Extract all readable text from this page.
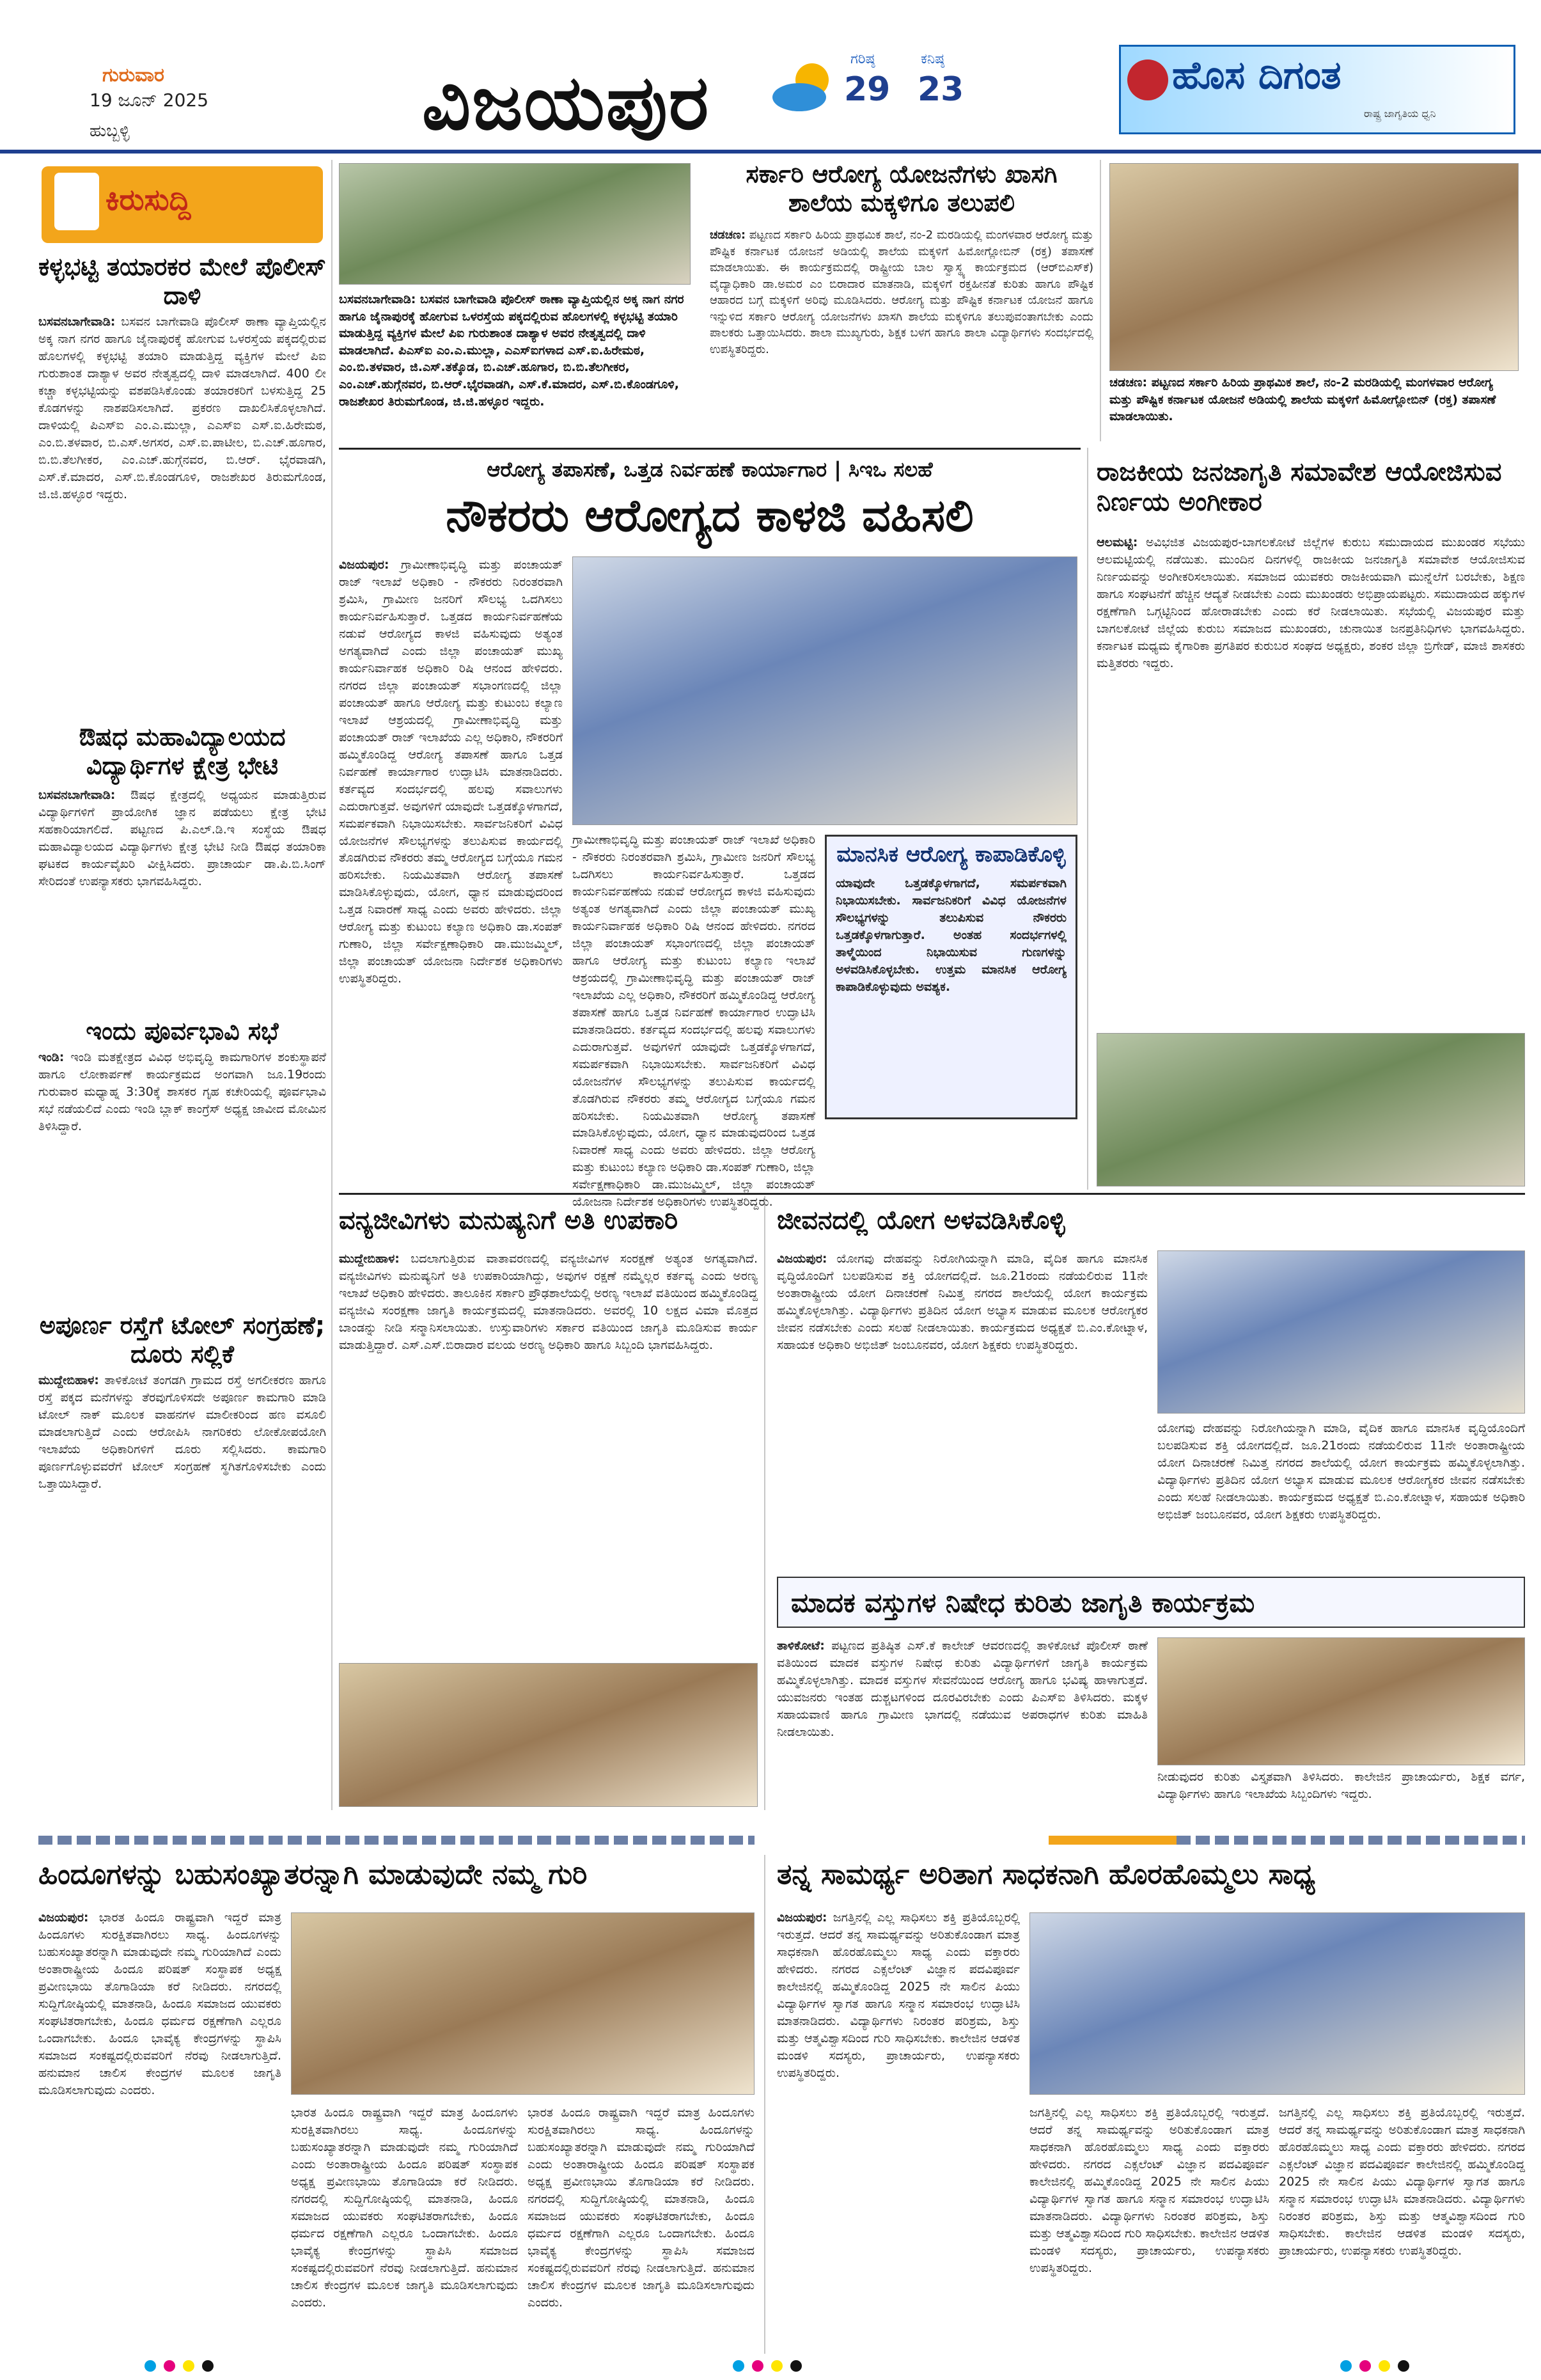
ಗುರುವಾರ
19 ಜೂನ್ 2025
ಹುಬ್ಬಳ್ಳಿ	ವಿಜಯಪುರ	ಗರಿಷ್ಠ
29
ಕನಿಷ್ಠ
23	ಹೊಸ ದಿಗಂತ
ರಾಷ್ಟ್ರ ಜಾಗೃತಿಯ ಧ್ವನಿ
ಕಿರುಸುದ್ದಿ
ಕಳ್ಳಭಟ್ಟಿ ತಯಾರಕರ ಮೇಲೆ ಪೊಲೀಸ್ ದಾಳಿ
ಬಸವನಬಾಗೇವಾಡಿ: ಬಸವನ ಬಾಗೇವಾಡಿ ಪೊಲೀಸ್ ಠಾಣಾ ವ್ಯಾಪ್ತಿಯಲ್ಲಿನ ಅಕ್ಕ ನಾಗ ನಗರ ಹಾಗೂ ಜೈನಾಪುರಕ್ಕೆ ಹೋಗುವ ಒಳರಸ್ತೆಯ ಪಕ್ಕದಲ್ಲಿರುವ ಹೊಲಗಳಲ್ಲಿ ಕಳ್ಳಭಟ್ಟಿ ತಯಾರಿ ಮಾಡುತ್ತಿದ್ದ ವ್ಯಕ್ತಿಗಳ ಮೇಲೆ ಪಿಐ ಗುರುಶಾಂತ ದಾಶ್ಯಾಳ ಅವರ ನೇತೃತ್ವದಲ್ಲಿ ದಾಳಿ ಮಾಡಲಾಗಿದೆ. 400 ಲೀ ಕಚ್ಚಾ ಕಳ್ಳಭಟ್ಟಿಯನ್ನು ವಶಪಡಿಸಿಕೊಂಡು ತಯಾರಕರಿಗೆ ಬಳಸುತ್ತಿದ್ದ 25 ಕೊಡಗಳನ್ನು ನಾಶಪಡಿಸಲಾಗಿದೆ. ಪ್ರಕರಣ ದಾಖಲಿಸಿಕೊಳ್ಳಲಾಗಿದೆ. ದಾಳಿಯಲ್ಲಿ ಪಿಎಸ್‌ಐ ಎಂ.ಎ.ಮುಲ್ಲಾ, ಎಎಸ್‌ಐ ಎಸ್.ಐ.ಹಿರೇಮಠ, ಎಂ.ಬಿ.ತಳವಾರ, ಬಿ.ಎಸ್.ಅಗಸರ, ಎಸ್.ಐ.ಪಾಟೀಲ, ಬಿ.ಎಚ್.ಹೂಗಾರ, ಬಿ.ಬಿ.ತೆಲಗೀಕರ, ಎಂ.ಎಚ್.ಹುಗ್ಗೆನವರ, ಬಿ.ಆರ್. ಭೈರವಾಡಗಿ, ಎಸ್.ಕೆ.ಮಾದರ, ಎಸ್.ಬಿ.ಕೊಂಡಗೂಳಿ, ರಾಜಶೇಖರ ತಿರುಮಗೊಂಡ, ಜಿ.ಜಿ.ಹಳ್ಳೂರ ಇದ್ದರು.
ಔಷಧ ಮಹಾವಿದ್ಯಾಲಯದ ವಿದ್ಯಾರ್ಥಿಗಳ ಕ್ಷೇತ್ರ ಭೇಟಿ
ಬಸವನಬಾಗೇವಾಡಿ: ಔಷಧ ಕ್ಷೇತ್ರದಲ್ಲಿ ಅಧ್ಯಯನ ಮಾಡುತ್ತಿರುವ ವಿದ್ಯಾರ್ಥಿಗಳಿಗೆ ಪ್ರಾಯೋಗಿಕ ಜ್ಞಾನ ಪಡೆಯಲು ಕ್ಷೇತ್ರ ಭೇಟಿ ಸಹಕಾರಿಯಾಗಲಿದೆ. ಪಟ್ಟಣದ ಪಿ.ಎಲ್.ಡಿ.ಇ ಸಂಸ್ಥೆಯ ಔಷಧ ಮಹಾವಿದ್ಯಾಲಯದ ವಿದ್ಯಾರ್ಥಿಗಳು ಕ್ಷೇತ್ರ ಭೇಟಿ ನೀಡಿ ಔಷಧ ತಯಾರಿಕಾ ಘಟಕದ ಕಾರ್ಯವೈಖರಿ ವೀಕ್ಷಿಸಿದರು. ಪ್ರಾಚಾರ್ಯ ಡಾ.ಪಿ.ಬಿ.ಸಿಂಗ್ ಸೇರಿದಂತೆ ಉಪನ್ಯಾಸಕರು ಭಾಗವಹಿಸಿದ್ದರು.
ಇಂದು ಪೂರ್ವಭಾವಿ ಸಭೆ
ಇಂಡಿ: ಇಂಡಿ ಮತಕ್ಷೇತ್ರದ ವಿವಿಧ ಅಭಿವೃದ್ಧಿ ಕಾಮಗಾರಿಗಳ ಶಂಕುಸ್ಥಾಪನೆ ಹಾಗೂ ಲೋಕಾರ್ಪಣೆ ಕಾರ್ಯಕ್ರಮದ ಅಂಗವಾಗಿ ಜೂ.19ರಂದು ಗುರುವಾರ ಮಧ್ಯಾಹ್ನ 3:30ಕ್ಕೆ ಶಾಸಕರ ಗೃಹ ಕಚೇರಿಯಲ್ಲಿ ಪೂರ್ವಭಾವಿ ಸಭೆ ನಡೆಯಲಿದೆ ಎಂದು ಇಂಡಿ ಬ್ಲಾಕ್ ಕಾಂಗ್ರೆಸ್ ಅಧ್ಯಕ್ಷ ಜಾವೀದ ಮೋಮಿನ ತಿಳಿಸಿದ್ದಾರೆ.
ಅಪೂರ್ಣ ರಸ್ತೆಗೆ ಟೋಲ್ ಸಂಗ್ರಹಣೆ; ದೂರು ಸಲ್ಲಿಕೆ
ಮುದ್ದೇಬಿಹಾಳ: ತಾಳಿಕೋಟೆ ತಂಗಡಗಿ ಗ್ರಾಮದ ರಸ್ತೆ ಅಗಲೀಕರಣ ಹಾಗೂ ರಸ್ತೆ ಪಕ್ಕದ ಮನೆಗಳನ್ನು ತೆರವುಗೊಳಿಸದೇ ಅಪೂರ್ಣ ಕಾಮಗಾರಿ ಮಾಡಿ ಟೋಲ್ ನಾಕ್ ಮೂಲಕ ವಾಹನಗಳ ಮಾಲೀಕರಿಂದ ಹಣ ವಸೂಲಿ ಮಾಡಲಾಗುತ್ತಿದೆ ಎಂದು ಆರೋಪಿಸಿ ನಾಗರಿಕರು ಲೋಕೋಪಯೋಗಿ ಇಲಾಖೆಯ ಅಧಿಕಾರಿಗಳಿಗೆ ದೂರು ಸಲ್ಲಿಸಿದರು. ಕಾಮಗಾರಿ ಪೂರ್ಣಗೊಳ್ಳುವವರೆಗೆ ಟೋಲ್ ಸಂಗ್ರಹಣೆ ಸ್ಥಗಿತಗೊಳಿಸಬೇಕು ಎಂದು ಒತ್ತಾಯಿಸಿದ್ದಾರೆ.
ಬಸವನಬಾಗೇವಾಡಿ: ಬಸವನ ಬಾಗೇವಾಡಿ ಪೊಲೀಸ್ ಠಾಣಾ ವ್ಯಾಪ್ತಿಯಲ್ಲಿನ ಅಕ್ಕ ನಾಗ ನಗರ ಹಾಗೂ ಜೈನಾಪುರಕ್ಕೆ ಹೋಗುವ ಒಳರಸ್ತೆಯ ಪಕ್ಕದಲ್ಲಿರುವ ಹೊಲಗಳಲ್ಲಿ ಕಳ್ಳಭಟ್ಟಿ ತಯಾರಿ ಮಾಡುತ್ತಿದ್ದ ವ್ಯಕ್ತಿಗಳ ಮೇಲೆ ಪಿಐ ಗುರುಶಾಂತ ದಾಶ್ಯಾಳ ಅವರ ನೇತೃತ್ವದಲ್ಲಿ ದಾಳಿ ಮಾಡಲಾಗಿದೆ. ಪಿಎಸ್‌ಐ ಎಂ.ಎ.ಮುಲ್ಲಾ, ಎಎಸ್‌ಐಗಳಾದ ಎಸ್.ಐ.ಹಿರೇಮಠ, ಎಂ.ಬಿ.ತಳವಾರ, ಜಿ.ಎಸ್.ತಕ್ಕೊಡ, ಬಿ.ಎಚ್.ಹೂಗಾರ, ಬಿ.ಬಿ.ತೆಲಗೀಕರ, ಎಂ.ಎಚ್.ಹುಗ್ಗೆನವರ, ಬಿ.ಆರ್.ಭೈರವಾಡಗಿ, ಎಸ್.ಕೆ.ಮಾದರ, ಎಸ್.ಬಿ.ಕೊಂಡಗೂಳಿ, ರಾಜಶೇಖರ ತಿರುಮಗೊಂಡ, ಜಿ.ಜಿ.ಹಳ್ಳೂರ ಇದ್ದರು.
ಸರ್ಕಾರಿ ಆರೋಗ್ಯ ಯೋಜನೆಗಳು ಖಾಸಗಿ ಶಾಲೆಯ ಮಕ್ಕಳಿಗೂ ತಲುಪಲಿ
ಚಡಚಣ: ಪಟ್ಟಣದ ಸರ್ಕಾರಿ ಹಿರಿಯ ಪ್ರಾಥಮಿಕ ಶಾಲೆ, ನಂ-2 ಮರಡಿಯಲ್ಲಿ ಮಂಗಳವಾರ ಆರೋಗ್ಯ ಮತ್ತು ಪೌಷ್ಟಿಕ ಕರ್ನಾಟಕ ಯೋಜನೆ ಅಡಿಯಲ್ಲಿ ಶಾಲೆಯ ಮಕ್ಕಳಿಗೆ ಹಿಮೋಗ್ಲೋಬಿನ್ (ರಕ್ತ) ತಪಾಸಣೆ ಮಾಡಲಾಯಿತು. ಈ ಕಾರ್ಯಕ್ರಮದಲ್ಲಿ ರಾಷ್ಟ್ರೀಯ ಬಾಲ ಸ್ವಾಸ್ಥ್ಯ ಕಾರ್ಯಕ್ರಮದ (ಆರ್‌ಬಿಎಸ್‌ಕೆ) ವೈದ್ಯಾಧಿಕಾರಿ ಡಾ.ಅಮರ ಎಂ ಬಿರಾದಾರ ಮಾತನಾಡಿ, ಮಕ್ಕಳಿಗೆ ರಕ್ತಹೀನತೆ ಕುರಿತು ಹಾಗೂ ಪೌಷ್ಟಿಕ ಆಹಾರದ ಬಗ್ಗೆ ಮಕ್ಕಳಿಗೆ ಅರಿವು ಮೂಡಿಸಿದರು. ಆರೋಗ್ಯ ಮತ್ತು ಪೌಷ್ಟಿಕ ಕರ್ನಾಟಕ ಯೋಜನೆ ಹಾಗೂ ಇನ್ನುಳಿದ ಸರ್ಕಾರಿ ಆರೋಗ್ಯ ಯೋಜನೆಗಳು ಖಾಸಗಿ ಶಾಲೆಯ ಮಕ್ಕಳಿಗೂ ತಲುಪುವಂತಾಗಬೇಕು ಎಂದು ಪಾಲಕರು ಒತ್ತಾಯಿಸಿದರು. ಶಾಲಾ ಮುಖ್ಯಗುರು, ಶಿಕ್ಷಕ ಬಳಗ ಹಾಗೂ ಶಾಲಾ ವಿದ್ಯಾರ್ಥಿಗಳು ಸಂದರ್ಭದಲ್ಲಿ ಉಪಸ್ಥಿತರಿದ್ದರು.
ಚಡಚಣ: ಪಟ್ಟಣದ ಸರ್ಕಾರಿ ಹಿರಿಯ ಪ್ರಾಥಮಿಕ ಶಾಲೆ, ನಂ-2 ಮರಡಿಯಲ್ಲಿ ಮಂಗಳವಾರ ಆರೋಗ್ಯ ಮತ್ತು ಪೌಷ್ಟಿಕ ಕರ್ನಾಟಕ ಯೋಜನೆ ಅಡಿಯಲ್ಲಿ ಶಾಲೆಯ ಮಕ್ಕಳಿಗೆ ಹಿಮೋಗ್ಲೋಬಿನ್ (ರಕ್ತ) ತಪಾಸಣೆ ಮಾಡಲಾಯಿತು.
ಆರೋಗ್ಯ ತಪಾಸಣೆ, ಒತ್ತಡ ನಿರ್ವಹಣೆ ಕಾರ್ಯಾಗಾರ | ಸಿಇಒ ಸಲಹೆ
ನೌಕರರು ಆರೋಗ್ಯದ ಕಾಳಜಿ ವಹಿಸಲಿ
ವಿಜಯಪುರ: ಗ್ರಾಮೀಣಾಭಿವೃದ್ಧಿ ಮತ್ತು ಪಂಚಾಯತ್ ರಾಜ್ ಇಲಾಖೆ ಅಧಿಕಾರಿ - ನೌಕರರು ನಿರಂತರವಾಗಿ ಶ್ರಮಿಸಿ, ಗ್ರಾಮೀಣ ಜನರಿಗೆ ಸೌಲಭ್ಯ ಒದಗಿಸಲು ಕಾರ್ಯನಿರ್ವಹಿಸುತ್ತಾರೆ. ಒತ್ತಡದ ಕಾರ್ಯನಿರ್ವಹಣೆಯ ನಡುವೆ ಆರೋಗ್ಯದ ಕಾಳಜಿ ವಹಿಸುವುದು ಅತ್ಯಂತ ಅಗತ್ಯವಾಗಿದೆ ಎಂದು ಜಿಲ್ಲಾ ಪಂಚಾಯತ್ ಮುಖ್ಯ ಕಾರ್ಯನಿರ್ವಾಹಕ ಅಧಿಕಾರಿ ರಿಷಿ ಆನಂದ ಹೇಳಿದರು. ನಗರದ ಜಿಲ್ಲಾ ಪಂಚಾಯತ್ ಸಭಾಂಗಣದಲ್ಲಿ ಜಿಲ್ಲಾ ಪಂಚಾಯತ್ ಹಾಗೂ ಆರೋಗ್ಯ ಮತ್ತು ಕುಟುಂಬ ಕಲ್ಯಾಣ ಇಲಾಖೆ ಆಶ್ರಯದಲ್ಲಿ ಗ್ರಾಮೀಣಾಭಿವೃದ್ಧಿ ಮತ್ತು ಪಂಚಾಯತ್ ರಾಜ್ ಇಲಾಖೆಯ ಎಲ್ಲ ಅಧಿಕಾರಿ, ನೌಕರರಿಗೆ ಹಮ್ಮಿಕೊಂಡಿದ್ದ ಆರೋಗ್ಯ ತಪಾಸಣೆ ಹಾಗೂ ಒತ್ತಡ ನಿರ್ವಹಣೆ ಕಾರ್ಯಾಗಾರ ಉದ್ಘಾಟಿಸಿ ಮಾತನಾಡಿದರು. ಕರ್ತವ್ಯದ ಸಂದರ್ಭದಲ್ಲಿ ಹಲವು ಸವಾಲುಗಳು ಎದುರಾಗುತ್ತವೆ. ಅವುಗಳಿಗೆ ಯಾವುದೇ ಒತ್ತಡಕ್ಕೊಳಗಾಗದೆ, ಸಮರ್ಪಕವಾಗಿ ನಿಭಾಯಿಸಬೇಕು. ಸಾರ್ವಜನಿಕರಿಗೆ ವಿವಿಧ ಯೋಜನೆಗಳ ಸೌಲಭ್ಯಗಳನ್ನು ತಲುಪಿಸುವ ಕಾರ್ಯದಲ್ಲಿ ತೊಡಗಿರುವ ನೌಕರರು ತಮ್ಮ ಆರೋಗ್ಯದ ಬಗ್ಗೆಯೂ ಗಮನ ಹರಿಸಬೇಕು. ನಿಯಮಿತವಾಗಿ ಆರೋಗ್ಯ ತಪಾಸಣೆ ಮಾಡಿಸಿಕೊಳ್ಳುವುದು, ಯೋಗ, ಧ್ಯಾನ ಮಾಡುವುದರಿಂದ ಒತ್ತಡ ನಿವಾರಣೆ ಸಾಧ್ಯ ಎಂದು ಅವರು ಹೇಳಿದರು. ಜಿಲ್ಲಾ ಆರೋಗ್ಯ ಮತ್ತು ಕುಟುಂಬ ಕಲ್ಯಾಣ ಅಧಿಕಾರಿ ಡಾ.ಸಂಪತ್ ಗುಣಾರಿ, ಜಿಲ್ಲಾ ಸರ್ವೇಕ್ಷಣಾಧಿಕಾರಿ ಡಾ.ಮುಜಮ್ಮಿಲ್, ಜಿಲ್ಲಾ ಪಂಚಾಯತ್ ಯೋಜನಾ ನಿರ್ದೇಶಕ ಅಧಿಕಾರಿಗಳು ಉಪಸ್ಥಿತರಿದ್ದರು.
ಗ್ರಾಮೀಣಾಭಿವೃದ್ಧಿ ಮತ್ತು ಪಂಚಾಯತ್ ರಾಜ್ ಇಲಾಖೆ ಅಧಿಕಾರಿ - ನೌಕರರು ನಿರಂತರವಾಗಿ ಶ್ರಮಿಸಿ, ಗ್ರಾಮೀಣ ಜನರಿಗೆ ಸೌಲಭ್ಯ ಒದಗಿಸಲು ಕಾರ್ಯನಿರ್ವಹಿಸುತ್ತಾರೆ. ಒತ್ತಡದ ಕಾರ್ಯನಿರ್ವಹಣೆಯ ನಡುವೆ ಆರೋಗ್ಯದ ಕಾಳಜಿ ವಹಿಸುವುದು ಅತ್ಯಂತ ಅಗತ್ಯವಾಗಿದೆ ಎಂದು ಜಿಲ್ಲಾ ಪಂಚಾಯತ್ ಮುಖ್ಯ ಕಾರ್ಯನಿರ್ವಾಹಕ ಅಧಿಕಾರಿ ರಿಷಿ ಆನಂದ ಹೇಳಿದರು. ನಗರದ ಜಿಲ್ಲಾ ಪಂಚಾಯತ್ ಸಭಾಂಗಣದಲ್ಲಿ ಜಿಲ್ಲಾ ಪಂಚಾಯತ್ ಹಾಗೂ ಆರೋಗ್ಯ ಮತ್ತು ಕುಟುಂಬ ಕಲ್ಯಾಣ ಇಲಾಖೆ ಆಶ್ರಯದಲ್ಲಿ ಗ್ರಾಮೀಣಾಭಿವೃದ್ಧಿ ಮತ್ತು ಪಂಚಾಯತ್ ರಾಜ್ ಇಲಾಖೆಯ ಎಲ್ಲ ಅಧಿಕಾರಿ, ನೌಕರರಿಗೆ ಹಮ್ಮಿಕೊಂಡಿದ್ದ ಆರೋಗ್ಯ ತಪಾಸಣೆ ಹಾಗೂ ಒತ್ತಡ ನಿರ್ವಹಣೆ ಕಾರ್ಯಾಗಾರ ಉದ್ಘಾಟಿಸಿ ಮಾತನಾಡಿದರು. ಕರ್ತವ್ಯದ ಸಂದರ್ಭದಲ್ಲಿ ಹಲವು ಸವಾಲುಗಳು ಎದುರಾಗುತ್ತವೆ. ಅವುಗಳಿಗೆ ಯಾವುದೇ ಒತ್ತಡಕ್ಕೊಳಗಾಗದೆ, ಸಮರ್ಪಕವಾಗಿ ನಿಭಾಯಿಸಬೇಕು. ಸಾರ್ವಜನಿಕರಿಗೆ ವಿವಿಧ ಯೋಜನೆಗಳ ಸೌಲಭ್ಯಗಳನ್ನು ತಲುಪಿಸುವ ಕಾರ್ಯದಲ್ಲಿ ತೊಡಗಿರುವ ನೌಕರರು ತಮ್ಮ ಆರೋಗ್ಯದ ಬಗ್ಗೆಯೂ ಗಮನ ಹರಿಸಬೇಕು. ನಿಯಮಿತವಾಗಿ ಆರೋಗ್ಯ ತಪಾಸಣೆ ಮಾಡಿಸಿಕೊಳ್ಳುವುದು, ಯೋಗ, ಧ್ಯಾನ ಮಾಡುವುದರಿಂದ ಒತ್ತಡ ನಿವಾರಣೆ ಸಾಧ್ಯ ಎಂದು ಅವರು ಹೇಳಿದರು. ಜಿಲ್ಲಾ ಆರೋಗ್ಯ ಮತ್ತು ಕುಟುಂಬ ಕಲ್ಯಾಣ ಅಧಿಕಾರಿ ಡಾ.ಸಂಪತ್ ಗುಣಾರಿ, ಜಿಲ್ಲಾ ಸರ್ವೇಕ್ಷಣಾಧಿಕಾರಿ ಡಾ.ಮುಜಮ್ಮಿಲ್, ಜಿಲ್ಲಾ ಪಂಚಾಯತ್ ಯೋಜನಾ ನಿರ್ದೇಶಕ ಅಧಿಕಾರಿಗಳು ಉಪಸ್ಥಿತರಿದ್ದರು.
ಮಾನಸಿಕ ಆರೋಗ್ಯ ಕಾಪಾಡಿಕೊಳ್ಳಿ
ಯಾವುದೇ ಒತ್ತಡಕ್ಕೊಳಗಾಗದೆ, ಸಮರ್ಪಕವಾಗಿ ನಿಭಾಯಿಸಬೇಕು. ಸಾರ್ವಜನಿಕರಿಗೆ ವಿವಿಧ ಯೋಜನೆಗಳ ಸೌಲಭ್ಯಗಳನ್ನು ತಲುಪಿಸುವ ನೌಕರರು ಒತ್ತಡಕ್ಕೊಳಗಾಗುತ್ತಾರೆ. ಅಂತಹ ಸಂದರ್ಭಗಳಲ್ಲಿ ತಾಳ್ಮೆಯಿಂದ ನಿಭಾಯಿಸುವ ಗುಣಗಳನ್ನು ಅಳವಡಿಸಿಕೊಳ್ಳಬೇಕು. ಉತ್ತಮ ಮಾನಸಿಕ ಆರೋಗ್ಯ ಕಾಪಾಡಿಕೊಳ್ಳುವುದು ಅವಶ್ಯಕ.
ರಾಜಕೀಯ ಜನಜಾಗೃತಿ ಸಮಾವೇಶ ಆಯೋಜಿಸುವ ನಿರ್ಣಯ ಅಂಗೀಕಾರ
ಆಲಮಟ್ಟಿ: ಅವಿಭಜಿತ ವಿಜಯಪುರ-ಬಾಗಲಕೋಟೆ ಜಿಲ್ಲೆಗಳ ಕುರುಬ ಸಮುದಾಯದ ಮುಖಂಡರ ಸಭೆಯು ಆಲಮಟ್ಟಿಯಲ್ಲಿ ನಡೆಯಿತು. ಮುಂದಿನ ದಿನಗಳಲ್ಲಿ ರಾಜಕೀಯ ಜನಜಾಗೃತಿ ಸಮಾವೇಶ ಆಯೋಜಿಸುವ ನಿರ್ಣಯವನ್ನು ಅಂಗೀಕರಿಸಲಾಯಿತು. ಸಮಾಜದ ಯುವಕರು ರಾಜಕೀಯವಾಗಿ ಮುನ್ನೆಲೆಗೆ ಬರಬೇಕು, ಶಿಕ್ಷಣ ಹಾಗೂ ಸಂಘಟನೆಗೆ ಹೆಚ್ಚಿನ ಆದ್ಯತೆ ನೀಡಬೇಕು ಎಂದು ಮುಖಂಡರು ಅಭಿಪ್ರಾಯಪಟ್ಟರು. ಸಮುದಾಯದ ಹಕ್ಕುಗಳ ರಕ್ಷಣೆಗಾಗಿ ಒಗ್ಗಟ್ಟಿನಿಂದ ಹೋರಾಡಬೇಕು ಎಂದು ಕರೆ ನೀಡಲಾಯಿತು. ಸಭೆಯಲ್ಲಿ ವಿಜಯಪುರ ಮತ್ತು ಬಾಗಲಕೋಟೆ ಜಿಲ್ಲೆಯ ಕುರುಬ ಸಮಾಜದ ಮುಖಂಡರು, ಚುನಾಯಿತ ಜನಪ್ರತಿನಿಧಿಗಳು ಭಾಗವಹಿಸಿದ್ದರು. ಕರ್ನಾಟಕ ಮಧ್ಯಮ ಕೈಗಾರಿಕಾ ಪ್ರಗತಿಪರ ಕುರುಬರ ಸಂಘದ ಅಧ್ಯಕ್ಷರು, ಶಂಕರ ಜಿಲ್ಲಾ ಬ್ರಿಗೇಡ್, ಮಾಜಿ ಶಾಸಕರು ಮತ್ತಿತರರು ಇದ್ದರು.
ವನ್ಯಜೀವಿಗಳು ಮನುಷ್ಯನಿಗೆ ಅತಿ ಉಪಕಾರಿ
ಮುದ್ದೇಬಿಹಾಳ: ಬದಲಾಗುತ್ತಿರುವ ವಾತಾವರಣದಲ್ಲಿ ವನ್ಯಜೀವಿಗಳ ಸಂರಕ್ಷಣೆ ಅತ್ಯಂತ ಅಗತ್ಯವಾಗಿದೆ. ವನ್ಯಜೀವಿಗಳು ಮನುಷ್ಯನಿಗೆ ಅತಿ ಉಪಕಾರಿಯಾಗಿದ್ದು, ಅವುಗಳ ರಕ್ಷಣೆ ನಮ್ಮೆಲ್ಲರ ಕರ್ತವ್ಯ ಎಂದು ಅರಣ್ಯ ಇಲಾಖೆ ಅಧಿಕಾರಿ ಹೇಳಿದರು. ತಾಲೂಕಿನ ಸರ್ಕಾರಿ ಪ್ರೌಢಶಾಲೆಯಲ್ಲಿ ಅರಣ್ಯ ಇಲಾಖೆ ವತಿಯಿಂದ ಹಮ್ಮಿಕೊಂಡಿದ್ದ ವನ್ಯಜೀವಿ ಸಂರಕ್ಷಣಾ ಜಾಗೃತಿ ಕಾರ್ಯಕ್ರಮದಲ್ಲಿ ಮಾತನಾಡಿದರು. ಅವರಲ್ಲಿ 10 ಲಕ್ಷದ ವಿಮಾ ಮೊತ್ತದ ಬಾಂಡನ್ನು ನೀಡಿ ಸನ್ಮಾನಿಸಲಾಯಿತು. ಉಸ್ತುವಾರಿಗಳು ಸರ್ಕಾರ ವತಿಯಿಂದ ಜಾಗೃತಿ ಮೂಡಿಸುವ ಕಾರ್ಯ ಮಾಡುತ್ತಿದ್ದಾರೆ. ಎಸ್.ಎಸ್.ಬಿರಾದಾರ ವಲಯ ಅರಣ್ಯ ಅಧಿಕಾರಿ ಹಾಗೂ ಸಿಬ್ಬಂದಿ ಭಾಗವಹಿಸಿದ್ದರು.
ಜೀವನದಲ್ಲಿ ಯೋಗ ಅಳವಡಿಸಿಕೊಳ್ಳಿ
ವಿಜಯಪುರ: ಯೋಗವು ದೇಹವನ್ನು ನಿರೋಗಿಯನ್ನಾಗಿ ಮಾಡಿ, ವೈದಿಕ ಹಾಗೂ ಮಾನಸಿಕ ವೃದ್ಧಿಯೊಂದಿಗೆ ಬಲಪಡಿಸುವ ಶಕ್ತಿ ಯೋಗದಲ್ಲಿದೆ. ಜೂ.21ರಂದು ನಡೆಯಲಿರುವ 11ನೇ ಅಂತಾರಾಷ್ಟ್ರೀಯ ಯೋಗ ದಿನಾಚರಣೆ ನಿಮಿತ್ತ ನಗರದ ಶಾಲೆಯಲ್ಲಿ ಯೋಗ ಕಾರ್ಯಕ್ರಮ ಹಮ್ಮಿಕೊಳ್ಳಲಾಗಿತ್ತು. ವಿದ್ಯಾರ್ಥಿಗಳು ಪ್ರತಿದಿನ ಯೋಗ ಅಭ್ಯಾಸ ಮಾಡುವ ಮೂಲಕ ಆರೋಗ್ಯಕರ ಜೀವನ ನಡೆಸಬೇಕು ಎಂದು ಸಲಹೆ ನೀಡಲಾಯಿತು. ಕಾರ್ಯಕ್ರಮದ ಅಧ್ಯಕ್ಷತೆ ಬಿ.ಎಂ.ಕೋಟ್ನಾಳ, ಸಹಾಯಕ ಅಧಿಕಾರಿ ಅಭಿಜಿತ್ ಜಂಬೂನವರ, ಯೋಗ ಶಿಕ್ಷಕರು ಉಪಸ್ಥಿತರಿದ್ದರು.
ಯೋಗವು ದೇಹವನ್ನು ನಿರೋಗಿಯನ್ನಾಗಿ ಮಾಡಿ, ವೈದಿಕ ಹಾಗೂ ಮಾನಸಿಕ ವೃದ್ಧಿಯೊಂದಿಗೆ ಬಲಪಡಿಸುವ ಶಕ್ತಿ ಯೋಗದಲ್ಲಿದೆ. ಜೂ.21ರಂದು ನಡೆಯಲಿರುವ 11ನೇ ಅಂತಾರಾಷ್ಟ್ರೀಯ ಯೋಗ ದಿನಾಚರಣೆ ನಿಮಿತ್ತ ನಗರದ ಶಾಲೆಯಲ್ಲಿ ಯೋಗ ಕಾರ್ಯಕ್ರಮ ಹಮ್ಮಿಕೊಳ್ಳಲಾಗಿತ್ತು. ವಿದ್ಯಾರ್ಥಿಗಳು ಪ್ರತಿದಿನ ಯೋಗ ಅಭ್ಯಾಸ ಮಾಡುವ ಮೂಲಕ ಆರೋಗ್ಯಕರ ಜೀವನ ನಡೆಸಬೇಕು ಎಂದು ಸಲಹೆ ನೀಡಲಾಯಿತು. ಕಾರ್ಯಕ್ರಮದ ಅಧ್ಯಕ್ಷತೆ ಬಿ.ಎಂ.ಕೋಟ್ನಾಳ, ಸಹಾಯಕ ಅಧಿಕಾರಿ ಅಭಿಜಿತ್ ಜಂಬೂನವರ, ಯೋಗ ಶಿಕ್ಷಕರು ಉಪಸ್ಥಿತರಿದ್ದರು.
ಮಾದಕ ವಸ್ತುಗಳ ನಿಷೇಧ ಕುರಿತು ಜಾಗೃತಿ ಕಾರ್ಯಕ್ರಮ
ತಾಳಿಕೋಟೆ: ಪಟ್ಟಣದ ಪ್ರತಿಷ್ಠಿತ ಎಸ್.ಕೆ ಕಾಲೇಜ್ ಆವರಣದಲ್ಲಿ ತಾಳಿಕೋಟೆ ಪೊಲೀಸ್ ಠಾಣೆ ವತಿಯಿಂದ ಮಾದಕ ವಸ್ತುಗಳ ನಿಷೇಧ ಕುರಿತು ವಿದ್ಯಾರ್ಥಿಗಳಿಗೆ ಜಾಗೃತಿ ಕಾರ್ಯಕ್ರಮ ಹಮ್ಮಿಕೊಳ್ಳಲಾಗಿತ್ತು. ಮಾದಕ ವಸ್ತುಗಳ ಸೇವನೆಯಿಂದ ಆರೋಗ್ಯ ಹಾಗೂ ಭವಿಷ್ಯ ಹಾಳಾಗುತ್ತದೆ. ಯುವಜನರು ಇಂತಹ ದುಶ್ಚಟಗಳಿಂದ ದೂರವಿರಬೇಕು ಎಂದು ಪಿಎಸ್‌ಐ ತಿಳಿಸಿದರು. ಮಕ್ಕಳ ಸಹಾಯವಾಣಿ ಹಾಗೂ ಗ್ರಾಮೀಣ ಭಾಗದಲ್ಲಿ ನಡೆಯುವ ಅಪರಾಧಗಳ ಕುರಿತು ಮಾಹಿತಿ ನೀಡಲಾಯಿತು.
ನೀಡುವುದರ ಕುರಿತು ವಿಸ್ತೃತವಾಗಿ ತಿಳಿಸಿದರು. ಕಾಲೇಜಿನ ಪ್ರಾಚಾರ್ಯರು, ಶಿಕ್ಷಕ ವರ್ಗ, ವಿದ್ಯಾರ್ಥಿಗಳು ಹಾಗೂ ಇಲಾಖೆಯ ಸಿಬ್ಬಂದಿಗಳು ಇದ್ದರು.
ಹಿಂದೂಗಳನ್ನು ಬಹುಸಂಖ್ಯಾತರನ್ನಾಗಿ ಮಾಡುವುದೇ ನಮ್ಮ ಗುರಿ
ವಿಜಯಪುರ: ಭಾರತ ಹಿಂದೂ ರಾಷ್ಟ್ರವಾಗಿ ಇದ್ದರೆ ಮಾತ್ರ ಹಿಂದೂಗಳು ಸುರಕ್ಷಿತವಾಗಿರಲು ಸಾಧ್ಯ. ಹಿಂದೂಗಳನ್ನು ಬಹುಸಂಖ್ಯಾತರನ್ನಾಗಿ ಮಾಡುವುದೇ ನಮ್ಮ ಗುರಿಯಾಗಿದೆ ಎಂದು ಅಂತಾರಾಷ್ಟ್ರೀಯ ಹಿಂದೂ ಪರಿಷತ್ ಸಂಸ್ಥಾಪಕ ಅಧ್ಯಕ್ಷ ಪ್ರವೀಣಭಾಯಿ ತೊಗಾಡಿಯಾ ಕರೆ ನೀಡಿದರು. ನಗರದಲ್ಲಿ ಸುದ್ದಿಗೋಷ್ಠಿಯಲ್ಲಿ ಮಾತನಾಡಿ, ಹಿಂದೂ ಸಮಾಜದ ಯುವಕರು ಸಂಘಟಿತರಾಗಬೇಕು, ಹಿಂದೂ ಧರ್ಮದ ರಕ್ಷಣೆಗಾಗಿ ಎಲ್ಲರೂ ಒಂದಾಗಬೇಕು. ಹಿಂದೂ ಭಾವೈಕ್ಯ ಕೇಂದ್ರಗಳನ್ನು ಸ್ಥಾಪಿಸಿ ಸಮಾಜದ ಸಂಕಷ್ಟದಲ್ಲಿರುವವರಿಗೆ ನೆರವು ನೀಡಲಾಗುತ್ತಿದೆ. ಹನುಮಾನ ಚಾಲಿಸ ಕೇಂದ್ರಗಳ ಮೂಲಕ ಜಾಗೃತಿ ಮೂಡಿಸಲಾಗುವುದು ಎಂದರು.
ಭಾರತ ಹಿಂದೂ ರಾಷ್ಟ್ರವಾಗಿ ಇದ್ದರೆ ಮಾತ್ರ ಹಿಂದೂಗಳು ಸುರಕ್ಷಿತವಾಗಿರಲು ಸಾಧ್ಯ. ಹಿಂದೂಗಳನ್ನು ಬಹುಸಂಖ್ಯಾತರನ್ನಾಗಿ ಮಾಡುವುದೇ ನಮ್ಮ ಗುರಿಯಾಗಿದೆ ಎಂದು ಅಂತಾರಾಷ್ಟ್ರೀಯ ಹಿಂದೂ ಪರಿಷತ್ ಸಂಸ್ಥಾಪಕ ಅಧ್ಯಕ್ಷ ಪ್ರವೀಣಭಾಯಿ ತೊಗಾಡಿಯಾ ಕರೆ ನೀಡಿದರು. ನಗರದಲ್ಲಿ ಸುದ್ದಿಗೋಷ್ಠಿಯಲ್ಲಿ ಮಾತನಾಡಿ, ಹಿಂದೂ ಸಮಾಜದ ಯುವಕರು ಸಂಘಟಿತರಾಗಬೇಕು, ಹಿಂದೂ ಧರ್ಮದ ರಕ್ಷಣೆಗಾಗಿ ಎಲ್ಲರೂ ಒಂದಾಗಬೇಕು. ಹಿಂದೂ ಭಾವೈಕ್ಯ ಕೇಂದ್ರಗಳನ್ನು ಸ್ಥಾಪಿಸಿ ಸಮಾಜದ ಸಂಕಷ್ಟದಲ್ಲಿರುವವರಿಗೆ ನೆರವು ನೀಡಲಾಗುತ್ತಿದೆ. ಹನುಮಾನ ಚಾಲಿಸ ಕೇಂದ್ರಗಳ ಮೂಲಕ ಜಾಗೃತಿ ಮೂಡಿಸಲಾಗುವುದು ಎಂದರು.
ಭಾರತ ಹಿಂದೂ ರಾಷ್ಟ್ರವಾಗಿ ಇದ್ದರೆ ಮಾತ್ರ ಹಿಂದೂಗಳು ಸುರಕ್ಷಿತವಾಗಿರಲು ಸಾಧ್ಯ. ಹಿಂದೂಗಳನ್ನು ಬಹುಸಂಖ್ಯಾತರನ್ನಾಗಿ ಮಾಡುವುದೇ ನಮ್ಮ ಗುರಿಯಾಗಿದೆ ಎಂದು ಅಂತಾರಾಷ್ಟ್ರೀಯ ಹಿಂದೂ ಪರಿಷತ್ ಸಂಸ್ಥಾಪಕ ಅಧ್ಯಕ್ಷ ಪ್ರವೀಣಭಾಯಿ ತೊಗಾಡಿಯಾ ಕರೆ ನೀಡಿದರು. ನಗರದಲ್ಲಿ ಸುದ್ದಿಗೋಷ್ಠಿಯಲ್ಲಿ ಮಾತನಾಡಿ, ಹಿಂದೂ ಸಮಾಜದ ಯುವಕರು ಸಂಘಟಿತರಾಗಬೇಕು, ಹಿಂದೂ ಧರ್ಮದ ರಕ್ಷಣೆಗಾಗಿ ಎಲ್ಲರೂ ಒಂದಾಗಬೇಕು. ಹಿಂದೂ ಭಾವೈಕ್ಯ ಕೇಂದ್ರಗಳನ್ನು ಸ್ಥಾಪಿಸಿ ಸಮಾಜದ ಸಂಕಷ್ಟದಲ್ಲಿರುವವರಿಗೆ ನೆರವು ನೀಡಲಾಗುತ್ತಿದೆ. ಹನುಮಾನ ಚಾಲಿಸ ಕೇಂದ್ರಗಳ ಮೂಲಕ ಜಾಗೃತಿ ಮೂಡಿಸಲಾಗುವುದು ಎಂದರು.
ತನ್ನ ಸಾಮರ್ಥ್ಯ ಅರಿತಾಗ ಸಾಧಕನಾಗಿ ಹೊರಹೊಮ್ಮಲು ಸಾಧ್ಯ
ವಿಜಯಪುರ: ಜಗತ್ತಿನಲ್ಲಿ ಎಲ್ಲ ಸಾಧಿಸಲು ಶಕ್ತಿ ಪ್ರತಿಯೊಬ್ಬರಲ್ಲಿ ಇರುತ್ತದೆ. ಆದರೆ ತನ್ನ ಸಾಮರ್ಥ್ಯವನ್ನು ಅರಿತುಕೊಂಡಾಗ ಮಾತ್ರ ಸಾಧಕನಾಗಿ ಹೊರಹೊಮ್ಮಲು ಸಾಧ್ಯ ಎಂದು ವಕ್ತಾರರು ಹೇಳಿದರು. ನಗರದ ಎಕ್ಸಲೆಂಟ್ ವಿಜ್ಞಾನ ಪದವಿಪೂರ್ವ ಕಾಲೇಜಿನಲ್ಲಿ ಹಮ್ಮಿಕೊಂಡಿದ್ದ 2025 ನೇ ಸಾಲಿನ ಪಿಯು ವಿದ್ಯಾರ್ಥಿಗಳ ಸ್ವಾಗತ ಹಾಗೂ ಸನ್ಮಾನ ಸಮಾರಂಭ ಉದ್ಘಾಟಿಸಿ ಮಾತನಾಡಿದರು. ವಿದ್ಯಾರ್ಥಿಗಳು ನಿರಂತರ ಪರಿಶ್ರಮ, ಶಿಸ್ತು ಮತ್ತು ಆತ್ಮವಿಶ್ವಾಸದಿಂದ ಗುರಿ ಸಾಧಿಸಬೇಕು. ಕಾಲೇಜಿನ ಆಡಳಿತ ಮಂಡಳಿ ಸದಸ್ಯರು, ಪ್ರಾಚಾರ್ಯರು, ಉಪನ್ಯಾಸಕರು ಉಪಸ್ಥಿತರಿದ್ದರು.
ಜಗತ್ತಿನಲ್ಲಿ ಎಲ್ಲ ಸಾಧಿಸಲು ಶಕ್ತಿ ಪ್ರತಿಯೊಬ್ಬರಲ್ಲಿ ಇರುತ್ತದೆ. ಆದರೆ ತನ್ನ ಸಾಮರ್ಥ್ಯವನ್ನು ಅರಿತುಕೊಂಡಾಗ ಮಾತ್ರ ಸಾಧಕನಾಗಿ ಹೊರಹೊಮ್ಮಲು ಸಾಧ್ಯ ಎಂದು ವಕ್ತಾರರು ಹೇಳಿದರು. ನಗರದ ಎಕ್ಸಲೆಂಟ್ ವಿಜ್ಞಾನ ಪದವಿಪೂರ್ವ ಕಾಲೇಜಿನಲ್ಲಿ ಹಮ್ಮಿಕೊಂಡಿದ್ದ 2025 ನೇ ಸಾಲಿನ ಪಿಯು ವಿದ್ಯಾರ್ಥಿಗಳ ಸ್ವಾಗತ ಹಾಗೂ ಸನ್ಮಾನ ಸಮಾರಂಭ ಉದ್ಘಾಟಿಸಿ ಮಾತನಾಡಿದರು. ವಿದ್ಯಾರ್ಥಿಗಳು ನಿರಂತರ ಪರಿಶ್ರಮ, ಶಿಸ್ತು ಮತ್ತು ಆತ್ಮವಿಶ್ವಾಸದಿಂದ ಗುರಿ ಸಾಧಿಸಬೇಕು. ಕಾಲೇಜಿನ ಆಡಳಿತ ಮಂಡಳಿ ಸದಸ್ಯರು, ಪ್ರಾಚಾರ್ಯರು, ಉಪನ್ಯಾಸಕರು ಉಪಸ್ಥಿತರಿದ್ದರು.
ಜಗತ್ತಿನಲ್ಲಿ ಎಲ್ಲ ಸಾಧಿಸಲು ಶಕ್ತಿ ಪ್ರತಿಯೊಬ್ಬರಲ್ಲಿ ಇರುತ್ತದೆ. ಆದರೆ ತನ್ನ ಸಾಮರ್ಥ್ಯವನ್ನು ಅರಿತುಕೊಂಡಾಗ ಮಾತ್ರ ಸಾಧಕನಾಗಿ ಹೊರಹೊಮ್ಮಲು ಸಾಧ್ಯ ಎಂದು ವಕ್ತಾರರು ಹೇಳಿದರು. ನಗರದ ಎಕ್ಸಲೆಂಟ್ ವಿಜ್ಞಾನ ಪದವಿಪೂರ್ವ ಕಾಲೇಜಿನಲ್ಲಿ ಹಮ್ಮಿಕೊಂಡಿದ್ದ 2025 ನೇ ಸಾಲಿನ ಪಿಯು ವಿದ್ಯಾರ್ಥಿಗಳ ಸ್ವಾಗತ ಹಾಗೂ ಸನ್ಮಾನ ಸಮಾರಂಭ ಉದ್ಘಾಟಿಸಿ ಮಾತನಾಡಿದರು. ವಿದ್ಯಾರ್ಥಿಗಳು ನಿರಂತರ ಪರಿಶ್ರಮ, ಶಿಸ್ತು ಮತ್ತು ಆತ್ಮವಿಶ್ವಾಸದಿಂದ ಗುರಿ ಸಾಧಿಸಬೇಕು. ಕಾಲೇಜಿನ ಆಡಳಿತ ಮಂಡಳಿ ಸದಸ್ಯರು, ಪ್ರಾಚಾರ್ಯರು, ಉಪನ್ಯಾಸಕರು ಉಪಸ್ಥಿತರಿದ್ದರು.
